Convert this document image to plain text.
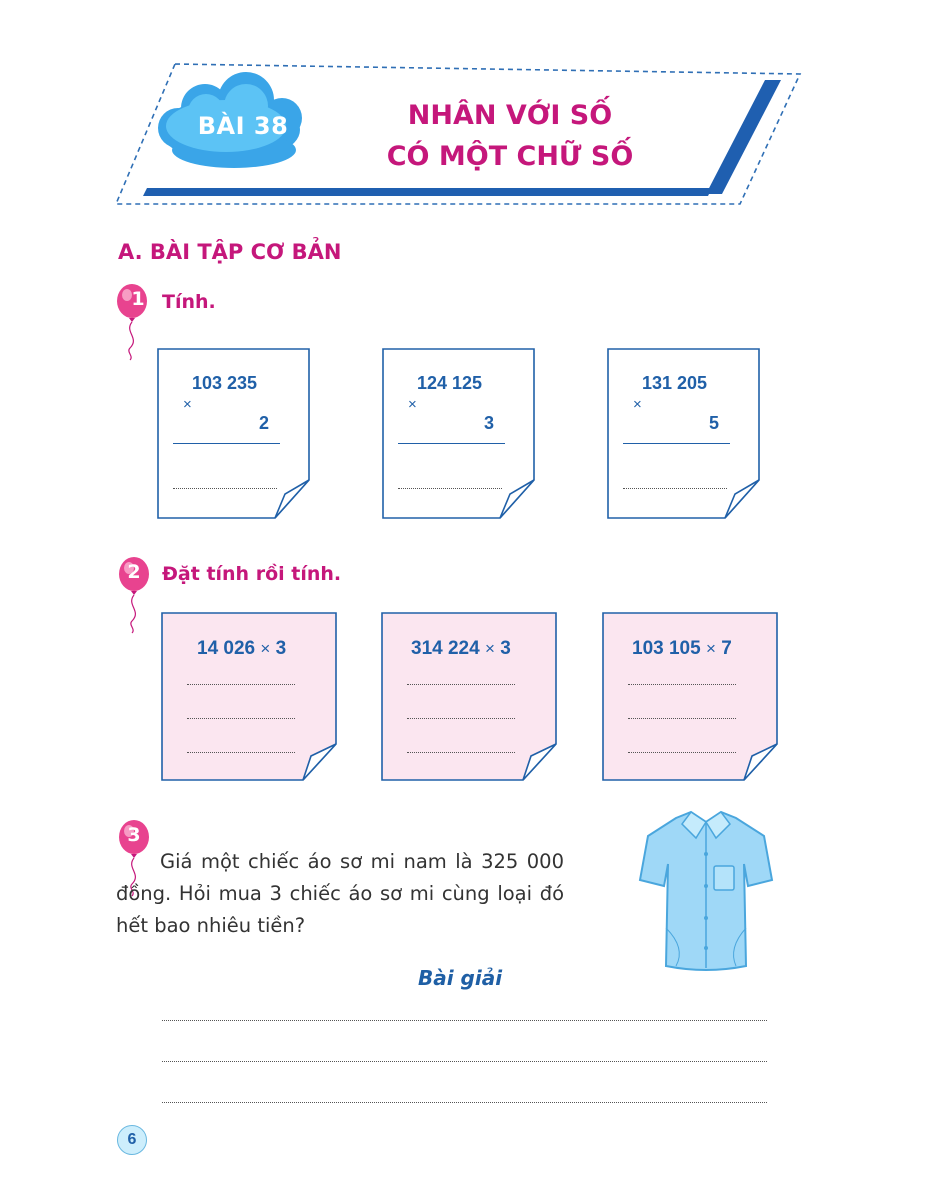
BÀI 38	NHÂN VỚI SỐ
CÓ MỘT CHỮ SỐ
A. BÀI TẬP CƠ BẢN
1 Tính.
103 235
×
2
124 125
×
3
131 205
×
5
2 Đặt tính rồi tính.
14 026 × 3	314 224 × 3	103 105 × 7
3
Giá một chiếc áo sơ mi nam là 325 000 đồng. Hỏi mua 3 chiếc áo sơ mi cùng loại đó hết bao nhiêu tiền?
Bài giải
6
